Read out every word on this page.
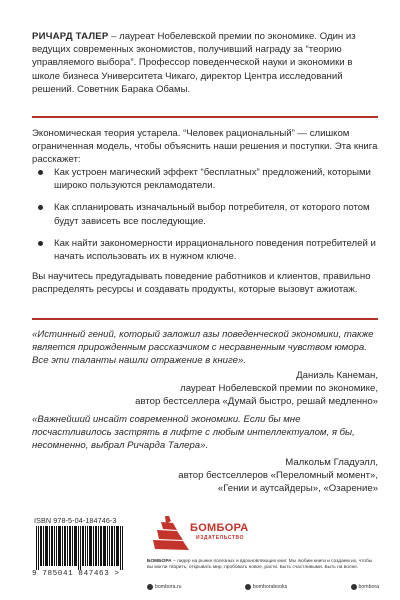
РИЧАРД ТАЛЕР – лауреат Нобелевской премии по экономике. Один из ведущих современных экономистов, получивший награду за “теорию управляемого выбора”. Профессор поведенческой науки и экономики в школе бизнеса Университета Чикаго, директор Центра исследований решений. Советник Барака Обамы.
Экономическая теория устарела. “Человек рациональный” — слишком ограниченная модель, чтобы объяснить наши решения и поступки. Эта книга расскажет:
Как устроен магический эффект “бесплатных” предложений, которыми широко пользуются рекламодатели.
Как спланировать изначальный выбор потребителя, от которого потом будут зависеть все последующие.
Как найти закономерности иррационального поведения потребителей и начать использовать их в нужном ключе.
Вы научитесь предугадывать поведение работников и клиентов, правильно распределять ресурсы и создавать продукты, которые вызовут ажиотаж.
«Истинный гений, который заложил азы поведенческой экономики, также является прирожденным рассказчиком с несравненным чувством юмора. Все эти таланты нашли отражение в книге».
Даниэль Канеман,
лауреат Нобелевской премии по экономике,
автор бестселлера «Думай быстро, решай медленно»
«Важнейший инсайт современной экономики. Если бы мне посчастливилось застрять в лифте с любым интеллектуалом, я бы, несомненно, выбрал Ричарда Талера».
Малкольм Гладуэлл,
автор бестселлеров «Переломный момент»,
«Гении и аутсайдеры», «Озарение»
ISBN 978-5-04-184746-3
9 785041 847463 >
БОМБОРА
ИЗДАТЕЛЬСТВО
БОМБОРА – лидер на рынке полезных и вдохновляющих книг. Мы любим книги и создаем их, чтобы вы могли творить, открывать мир, пробовать новое, расти. Быть счастливыми. Быть на волне.
bombora.ru	bomborabooks	bombora
